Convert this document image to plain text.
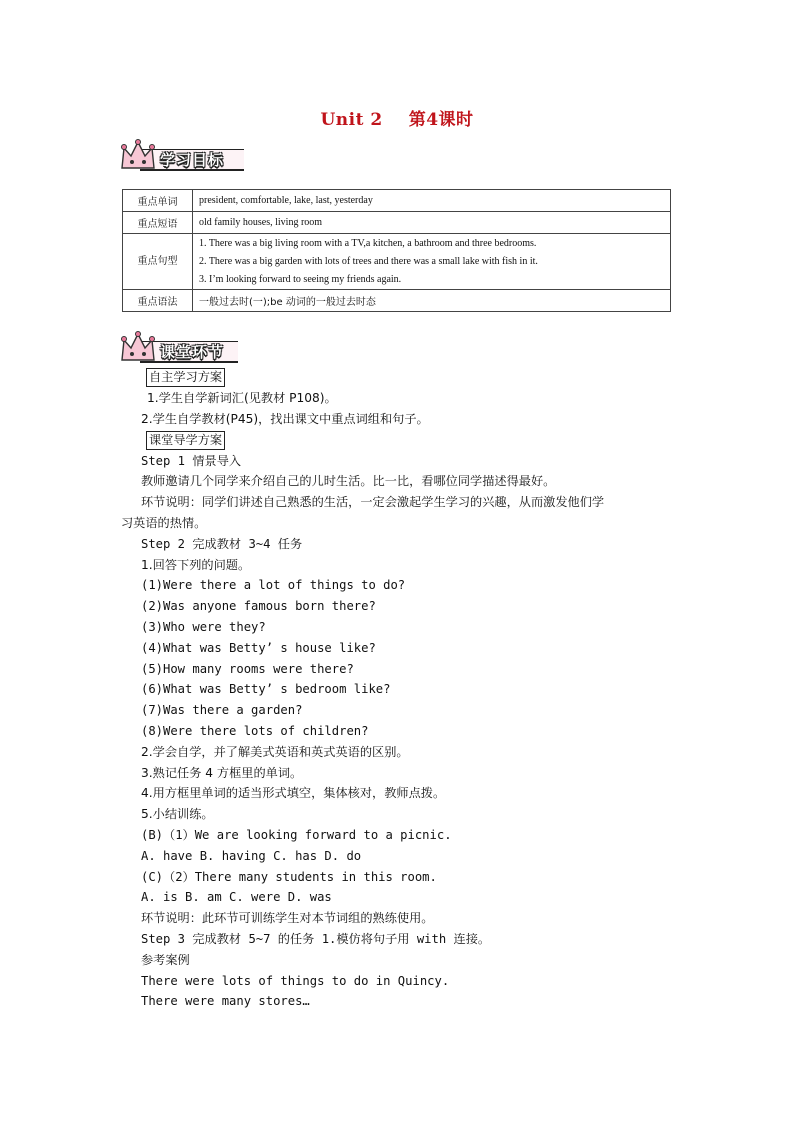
Unit 2 第4课时
学习目标
重点单词	president, comfortable, lake, last, yesterday
重点短语	old family houses, living room
重点句型	1. There was a big living room with a TV,a kitchen, a bathroom and three bedrooms.
2. There was a big garden with lots of trees and there was a small lake with fish in it.
3. I’m looking forward to seeing my friends again.

重点语法	一般过去时(一);be 动词的一般过去时态
课堂环节
自主学习方案
1.学生自学新词汇(见教材 P108)。
2.学生自学教材(P45)，找出课文中重点词组和句子。
课堂导学方案
Step 1 情景导入
教师邀请几个同学来介绍自己的儿时生活。比一比，看哪位同学描述得最好。
环节说明：同学们讲述自己熟悉的生活，一定会激起学生学习的兴趣，从而激发他们学
习英语的热情。
Step 2 完成教材 3~4 任务
1.回答下列的问题。
(1)Were there a lot of things to do?
(2)Was anyone famous born there?
(3)Who were they?
(4)What was Betty’ s house like?
(5)How many rooms were there?
(6)What was Betty’ s bedroom like?
(7)Was there a garden?
(8)Were there lots of children?
2.学会自学，并了解美式英语和英式英语的区别。
3.熟记任务 4 方框里的单词。
4.用方框里单词的适当形式填空，集体核对，教师点拨。
5.小结训练。
(B)（1）We are looking forward to a picnic.
A. have B. having C. has D. do
(C)（2）There many students in this room.
A. is B. am C. were D. was
环节说明：此环节可训练学生对本节词组的熟练使用。
Step 3 完成教材 5~7 的任务 1.模仿将句子用 with 连接。
参考案例
There were lots of things to do in Quincy.
There were many stores…
